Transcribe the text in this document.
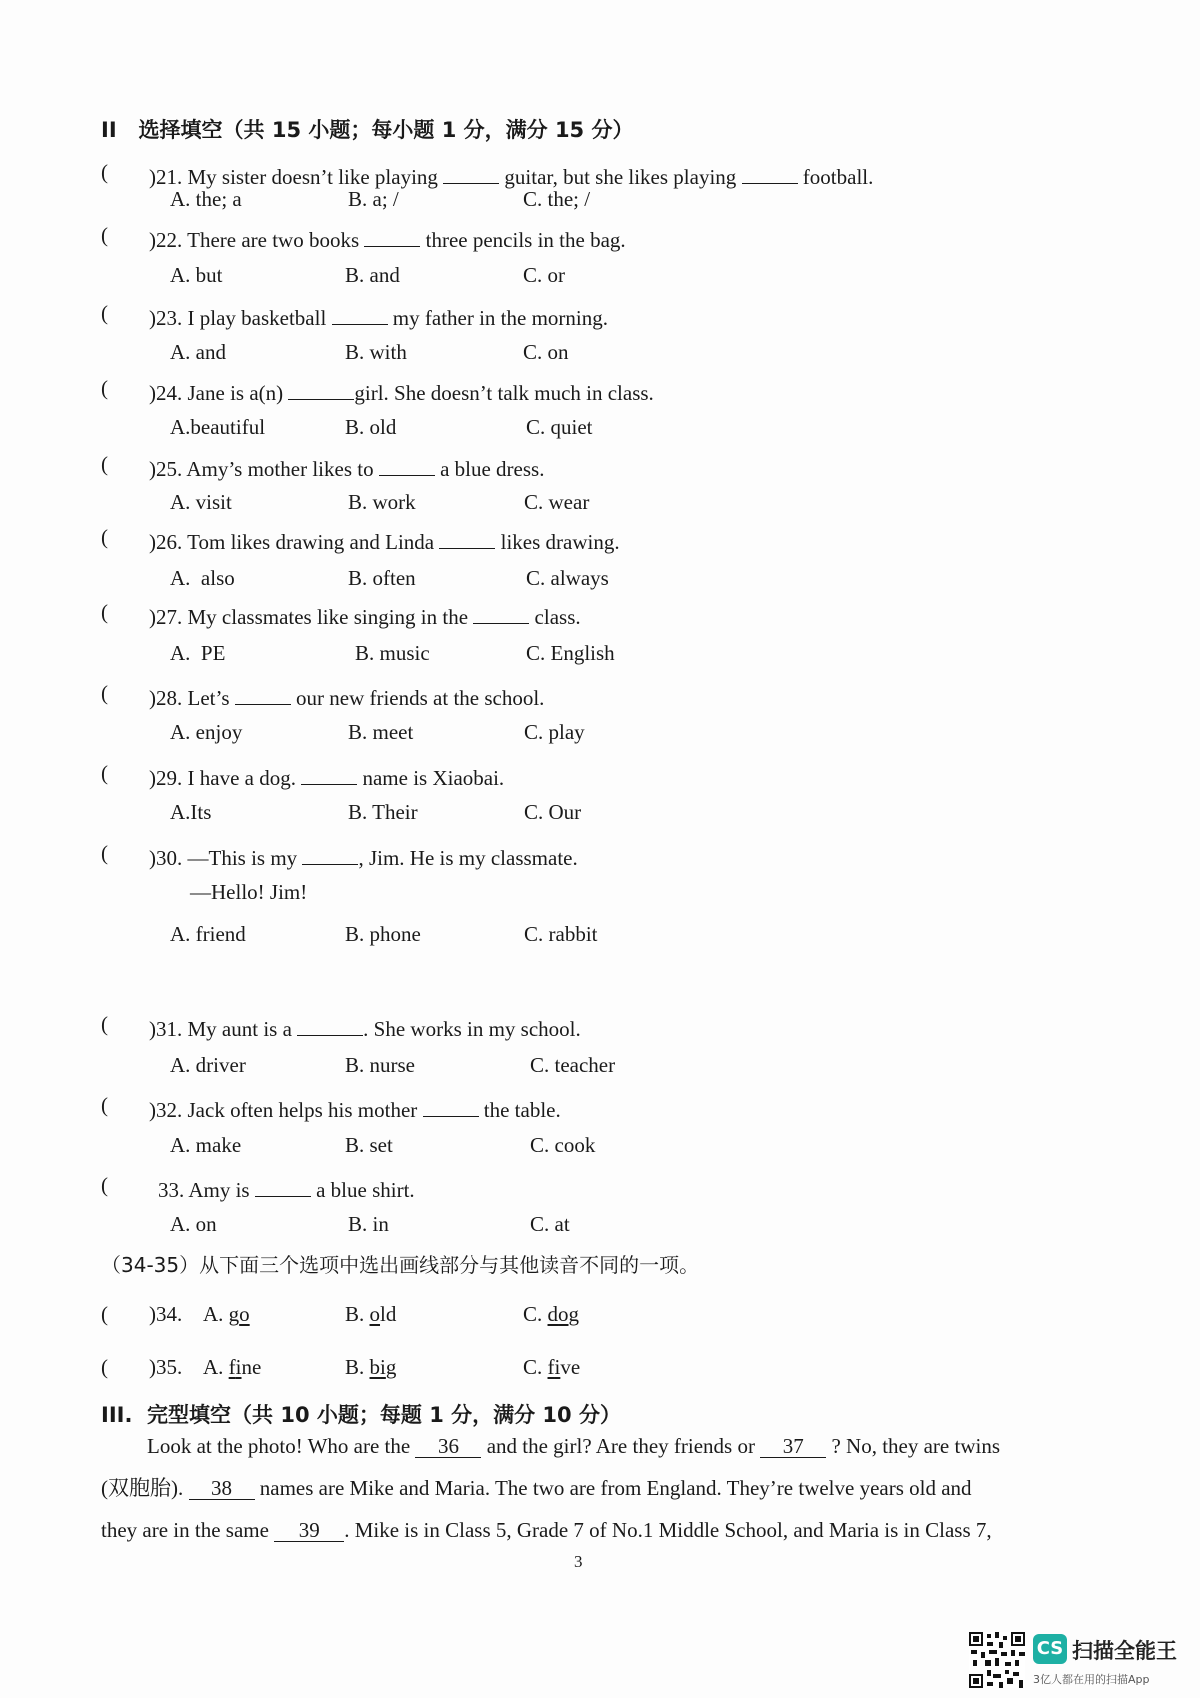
II   选择填空（共 15 小题；每小题 1 分，满分 15 分）
( )21. My sister doesn’t like playing	guitar, but she likes playing	football.
A. the; a	B. a; /	C. the; /
( )22. There are two books	three pencils in the bag.
A. but	B. and	C. or
( )23. I play basketball	my father in the morning.
A. and	B. with	C. on
( )24. Jane is a(n)	girl. She doesn’t talk much in class.
A.beautiful	B. old	C. quiet
( )25. Amy’s mother likes to	a blue dress.
A. visit	B. work	C. wear
( )26. Tom likes drawing and Linda	likes drawing.
A.  also	B. often	C. always
( )27. My classmates like singing in the	class.
A.  PE	B. music	C. English
( )28. Let’s	our new friends at the school.
A. enjoy	B. meet	C. play
( )29. I have a dog.	name is Xiaobai.
A.Its	B. Their	C. Our
( )30. —This is my	, Jim. He is my classmate.
—Hello! Jim!
A. friend	B. phone	C. rabbit
( )31. My aunt is a	. She works in my school.
A. driver	B. nurse	C. teacher
( )32. Jack often helps his mother	the table.
A. make	B. set	C. cook
( 33. Amy is	a blue shirt.
A. on	B. in	C. at
（34-35）从下面三个选项中选出画线部分与其他读音不同的一项。
( )34. A. go	B. old	C. dog
( )35. A. fine	B. big	C. five
III.  完型填空（共 10 小题；每题 1 分，满分 10 分）
Look at the photo! Who are the 36 and the girl? Are they friends or 37 ? No, they are twins
(双胞胎). 38 names are Mike and Maria. The two are from England. They’re twelve years old and
they are in the same 39 . Mike is in Class 5, Grade 7 of No.1 Middle School, and Maria is in Class 7,
3
CS 扫描全能王
3亿人都在用的扫描App
